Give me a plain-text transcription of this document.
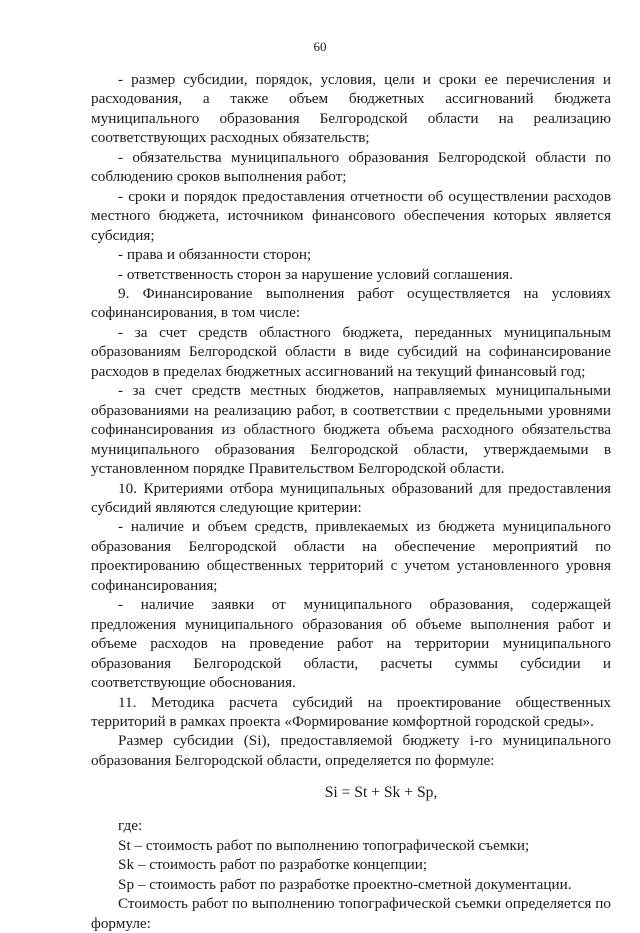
60

- размер субсидии, порядок, условия, цели и сроки ее перечисления и расходования, а также объем бюджетных ассигнований бюджета муниципального образования Белгородской области на реализацию соответствующих расходных обязательств;

- обязательства муниципального образования Белгородской области по соблюдению сроков выполнения работ;

- сроки и порядок предоставления отчетности об осуществлении расходов местного бюджета, источником финансового обеспечения которых является субсидия;

- права и обязанности сторон;

- ответственность сторон за нарушение условий соглашения.

9. Финансирование выполнения работ осуществляется на условиях софинансирования, в том числе:

- за счет средств областного бюджета, переданных муниципальным образованиям Белгородской области в виде субсидий на софинансирование расходов в пределах бюджетных ассигнований на текущий финансовый год;

- за счет средств местных бюджетов, направляемых муниципальными образованиями на реализацию работ, в соответствии с предельными уровнями софинансирования из областного бюджета объема расходного обязательства муниципального образования Белгородской области, утверждаемыми в установленном порядке Правительством Белгородской области.

10. Критериями отбора муниципальных образований для предоставления субсидий являются следующие критерии:

- наличие и объем средств, привлекаемых из бюджета муниципального образования Белгородской области на обеспечение мероприятий по проектированию общественных территорий с учетом установленного уровня софинансирования;

- наличие заявки от муниципального образования, содержащей предложения муниципального образования об объеме выполнения работ и объеме расходов на проведение работ на территории муниципального образования Белгородской области, расчеты суммы субсидии и соответствующие обоснования.

11. Методика расчета субсидий на проектирование общественных территорий в рамках проекта «Формирование комфортной городской среды».

Размер субсидии (Si), предоставляемой бюджету i-го муниципального образования Белгородской области, определяется по формуле:

Si = St + Sk + Sp,

где:

St – стоимость работ по выполнению топографической съемки;

Sk – стоимость работ по разработке концепции;

Sp – стоимость работ по разработке проектно-сметной документации.

Стоимость работ по выполнению топографической съемки определяется по формуле:
